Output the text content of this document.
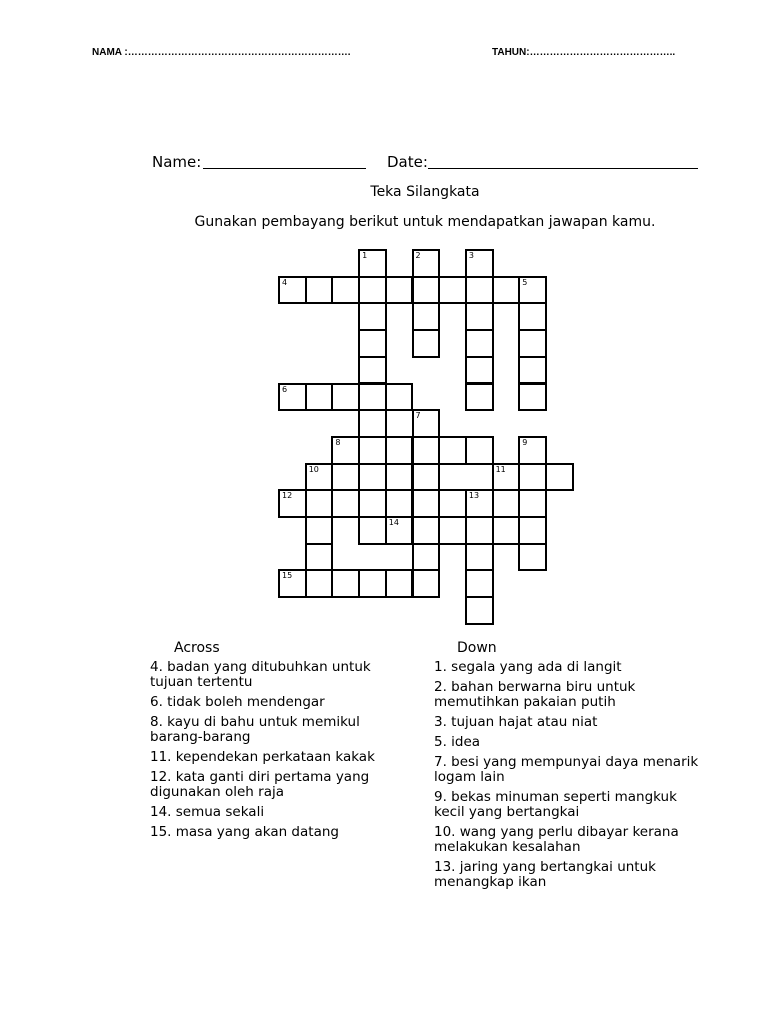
NAMA :………………………………………………………….	TAHUN:……………………………………..
Name:	Date:
Teka Silangkata
Gunakan pembayang berikut untuk mendapatkan jawapan kamu.
4	5
6
8
10	11
12	13
14
15
1	2	3
7
9
Across
4. badan yang ditubuhkan untuk tujuan tertentu
6. tidak boleh mendengar
8. kayu di bahu untuk memikul barang-barang
11. kependekan perkataan kakak
12. kata ganti diri pertama yang digunakan oleh raja
14. semua sekali
15. masa yang akan datang
Down
1. segala yang ada di langit
2. bahan berwarna biru untuk memutihkan pakaian putih
3. tujuan hajat atau niat
5. idea
7. besi yang mempunyai daya menarik logam lain
9. bekas minuman seperti mangkuk kecil yang bertangkai
10. wang yang perlu dibayar kerana melakukan kesalahan
13. jaring yang bertangkai untuk menangkap ikan
